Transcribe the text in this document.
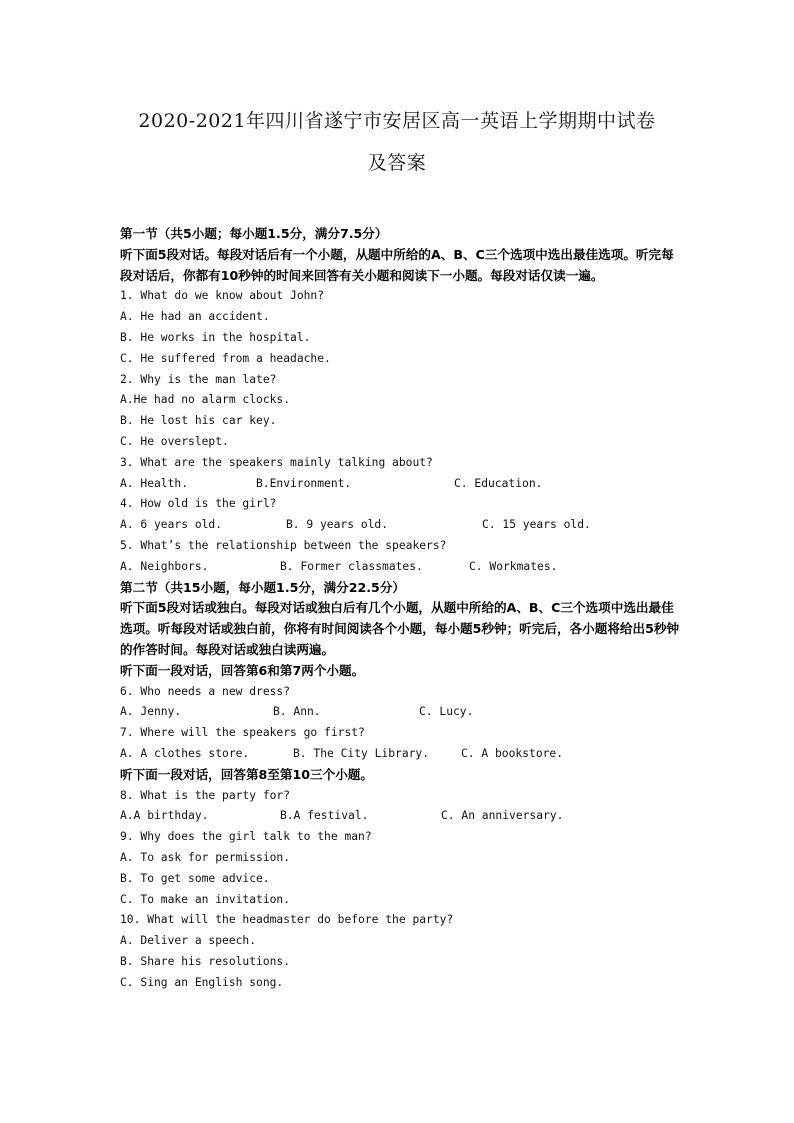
2020-2021年四川省遂宁市安居区高一英语上学期期中试卷
及答案
第一节（共5小题；每小题1.5分，满分7.5分）
听下面5段对话。每段对话后有一个小题，从题中所给的A、B、C三个选项中选出最佳选项。听完每段对话后，你都有10秒钟的时间来回答有关小题和阅读下一小题。每段对话仅读一遍。
1. What do we know about John?
A. He had an accident.
B. He works in the hospital.
C. He suffered from a headache.
2. Why is the man late?
A.He had no alarm clocks.
B. He lost his car key.
C. He overslept.
3. What are the speakers mainly talking about?
A. Health.	B.Environment.	C. Education.
4. How old is the girl?
A. 6 years old.	B. 9 years old.	C. 15 years old.
5. What’s the relationship between the speakers?
A. Neighbors.	B. Former classmates.	C. Workmates.
第二节（共15小题，每小题1.5分，满分22.5分）
听下面5段对话或独白。每段对话或独白后有几个小题，从题中所给的A、B、C三个选项中选出最佳选项。听每段对话或独白前，你将有时间阅读各个小题，每小题5秒钟；听完后，各小题将给出5秒钟的作答时间。每段对话或独白读两遍。
听下面一段对话，回答第6和第7两个小题。
6. Who needs a new dress?
A. Jenny.	B. Ann.	C. Lucy.
7. Where will the speakers go first?
A. A clothes store.	B. The City Library.	C. A bookstore.
听下面一段对话，回答第8至第10三个小题。
8. What is the party for?
A.A birthday.	B.A festival.	C. An anniversary.
9. Why does the girl talk to the man?
A. To ask for permission.
B. To get some advice.
C. To make an invitation.
10. What will the headmaster do before the party?
A. Deliver a speech.
B. Share his resolutions.
C. Sing an English song.
